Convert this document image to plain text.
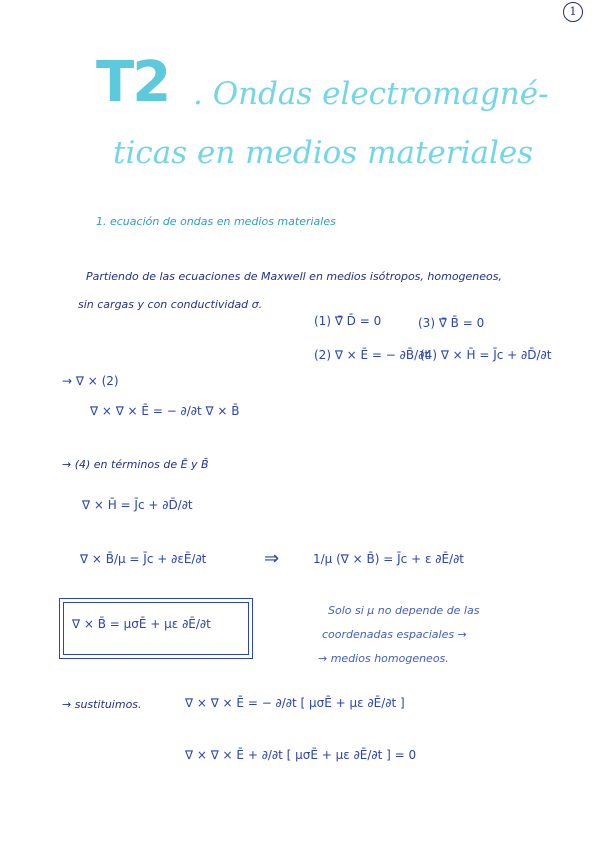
1
T2 . Ondas electromagné-
ticas en medios materiales
1. ecuación de ondas en medios materiales
Partiendo de las ecuaciones de Maxwell en medios isótropos, homogeneos,
sin cargas y con conductividad σ.
(1) ∇̄ D̄ = 0	(3) ∇̄ B̄ = 0
(2) ∇ × Ē = − ∂B̄/∂t
(4) ∇ × H̄ = J̄c + ∂D̄/∂t
→ ∇ × (2)
∇ × ∇ × Ē = − ∂/∂t ∇ × B̄
→ (4) en términos de Ē y B̄
∇ × H̄ = J̄c + ∂D̄/∂t
∇ × B̄/μ = J̄c + ∂εĒ/∂t	⇒	1/μ (∇ × B̄) = J̄c + ε ∂Ē/∂t
∇ × B̄ = μσĒ + με ∂Ē/∂t
Solo si μ no depende de las
coordenadas espaciales →
→ medios homogeneos.
→ sustituimos.	∇ × ∇ × Ē = − ∂/∂t [ μσĒ + με ∂Ē/∂t ]
∇ × ∇ × Ē + ∂/∂t [ μσĒ + με ∂Ē/∂t ] = 0
